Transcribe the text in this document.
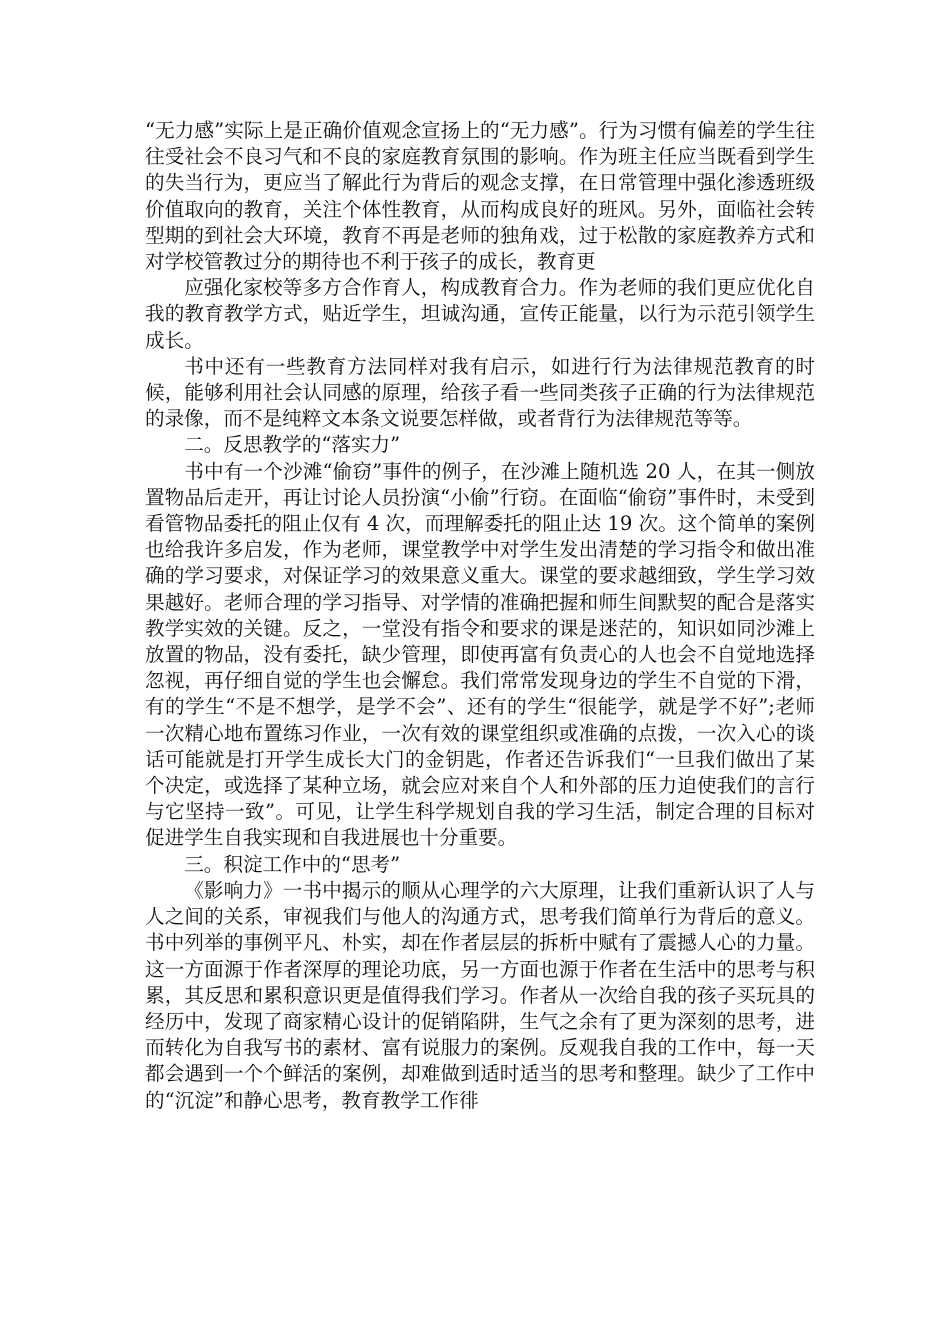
“无力感”实际上是正确价值观念宣扬上的“无力感”。行为习惯有偏差的学生往往受社会不良习气和不良的家庭教育氛围的影响。作为班主任应当既看到学生的失当行为，更应当了解此行为背后的观念支撑，在日常管理中强化渗透班级价值取向的教育，关注个体性教育，从而构成良好的班风。另外，面临社会转型期的到社会大环境，教育不再是老师的独角戏，过于松散的家庭教养方式和对学校管教过分的期待也不利于孩子的成长，教育更

应强化家校等多方合作育人，构成教育合力。作为老师的我们更应优化自我的教育教学方式，贴近学生，坦诚沟通，宣传正能量，以行为示范引领学生成长。

书中还有一些教育方法同样对我有启示，如进行行为法律规范教育的时候，能够利用社会认同感的原理，给孩子看一些同类孩子正确的行为法律规范的录像，而不是纯粹文本条文说要怎样做，或者背行为法律规范等等。

二。反思教学的“落实力”

书中有一个沙滩“偷窃”事件的例子，在沙滩上随机选 20 人，在其一侧放置物品后走开，再让讨论人员扮演“小偷”行窃。在面临“偷窃”事件时，未受到看管物品委托的阻止仅有 4 次，而理解委托的阻止达 19 次。这个简单的案例也给我许多启发，作为老师，课堂教学中对学生发出清楚的学习指令和做出准确的学习要求，对保证学习的效果意义重大。课堂的要求越细致，学生学习效果越好。老师合理的学习指导、对学情的准确把握和师生间默契的配合是落实教学实效的关键。反之，一堂没有指令和要求的课是迷茫的，知识如同沙滩上放置的物品，没有委托，缺少管理，即使再富有负责心的人也会不自觉地选择忽视，再仔细自觉的学生也会懈怠。我们常常发现身边的学生不自觉的下滑，有的学生“不是不想学，是学不会”、还有的学生“很能学，就是学不好”;老师一次精心地布置练习作业，一次有效的课堂组织或准确的点拨，一次入心的谈话可能就是打开学生成长大门的金钥匙，作者还告诉我们“一旦我们做出了某个决定，或选择了某种立场，就会应对来自个人和外部的压力迫使我们的言行与它坚持一致”。可见，让学生科学规划自我的学习生活，制定合理的目标对促进学生自我实现和自我进展也十分重要。

三。积淀工作中的“思考”

《影响力》一书中揭示的顺从心理学的六大原理，让我们重新认识了人与人之间的关系，审视我们与他人的沟通方式，思考我们简单行为背后的意义。书中列举的事例平凡、朴实，却在作者层层的拆析中赋有了震撼人心的力量。这一方面源于作者深厚的理论功底，另一方面也源于作者在生活中的思考与积累，其反思和累积意识更是值得我们学习。作者从一次给自我的孩子买玩具的经历中，发现了商家精心设计的促销陷阱，生气之余有了更为深刻的思考，进而转化为自我写书的素材、富有说服力的案例。反观我自我的工作中，每一天都会遇到一个个鲜活的案例，却难做到适时适当的思考和整理。缺少了工作中的“沉淀”和静心思考，教育教学工作徘
